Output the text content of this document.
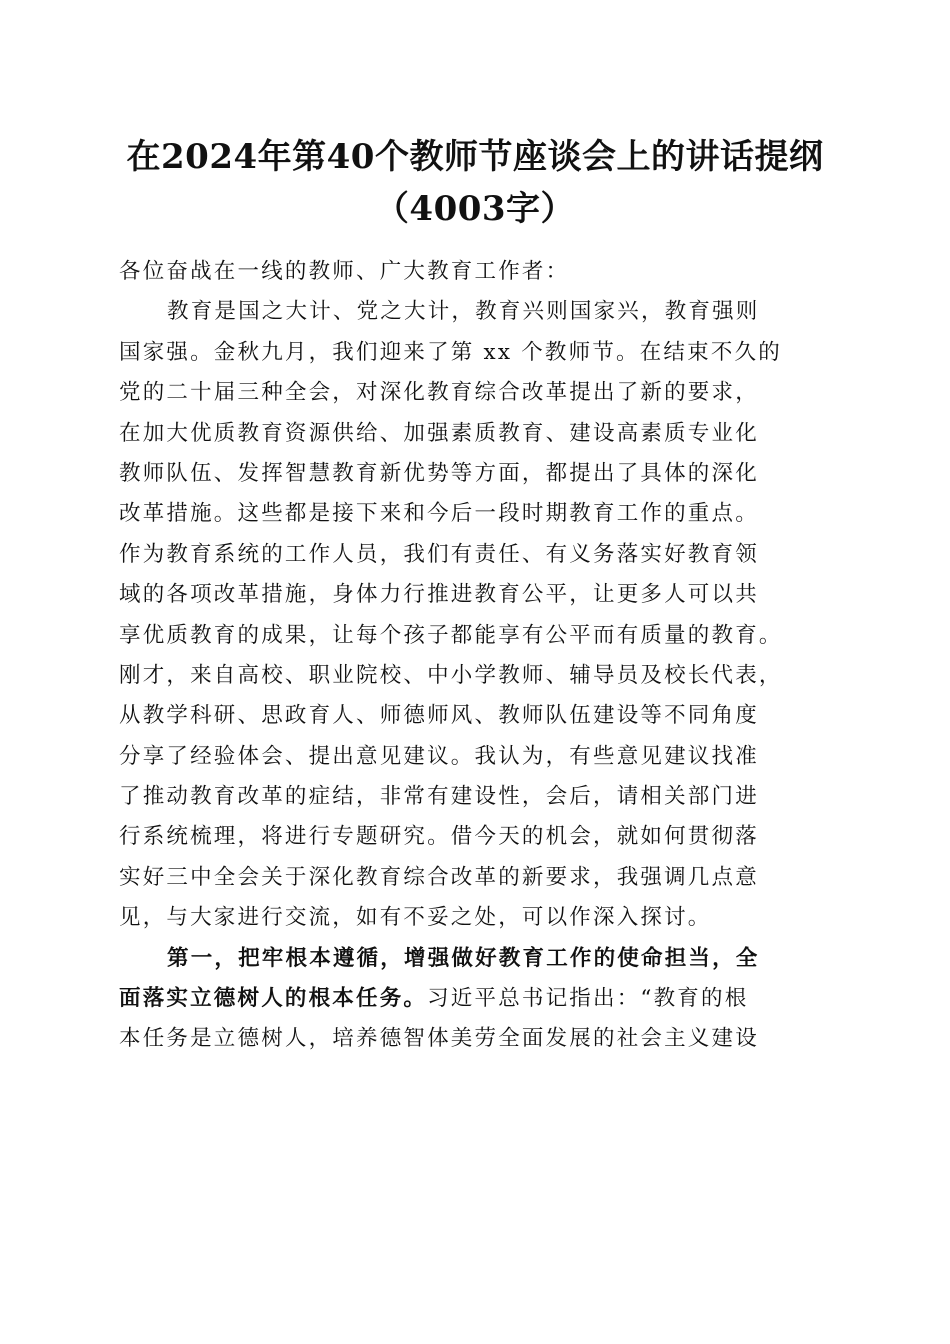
在2024年第40个教师节座谈会上的讲话提纲
（4003字）
各位奋战在一线的教师、广大教育工作者：
教育是国之大计、党之大计，教育兴则国家兴，教育强则
国家强。金秋九月，我们迎来了第 xx 个教师节。在结束不久的
党的二十届三种全会，对深化教育综合改革提出了新的要求，
在加大优质教育资源供给、加强素质教育、建设高素质专业化
教师队伍、发挥智慧教育新优势等方面，都提出了具体的深化
改革措施。这些都是接下来和今后一段时期教育工作的重点。
作为教育系统的工作人员，我们有责任、有义务落实好教育领
域的各项改革措施，身体力行推进教育公平，让更多人可以共
享优质教育的成果，让每个孩子都能享有公平而有质量的教育。
刚才，来自高校、职业院校、中小学教师、辅导员及校长代表，
从教学科研、思政育人、师德师风、教师队伍建设等不同角度
分享了经验体会、提出意见建议。我认为，有些意见建议找准
了推动教育改革的症结，非常有建设性，会后，请相关部门进
行系统梳理，将进行专题研究。借今天的机会，就如何贯彻落
实好三中全会关于深化教育综合改革的新要求，我强调几点意
见，与大家进行交流，如有不妥之处，可以作深入探讨。
第一，把牢根本遵循，增强做好教育工作的使命担当，全
面落实立德树人的根本任务。习近平总书记指出：“教育的根
本任务是立德树人，培养德智体美劳全面发展的社会主义建设
